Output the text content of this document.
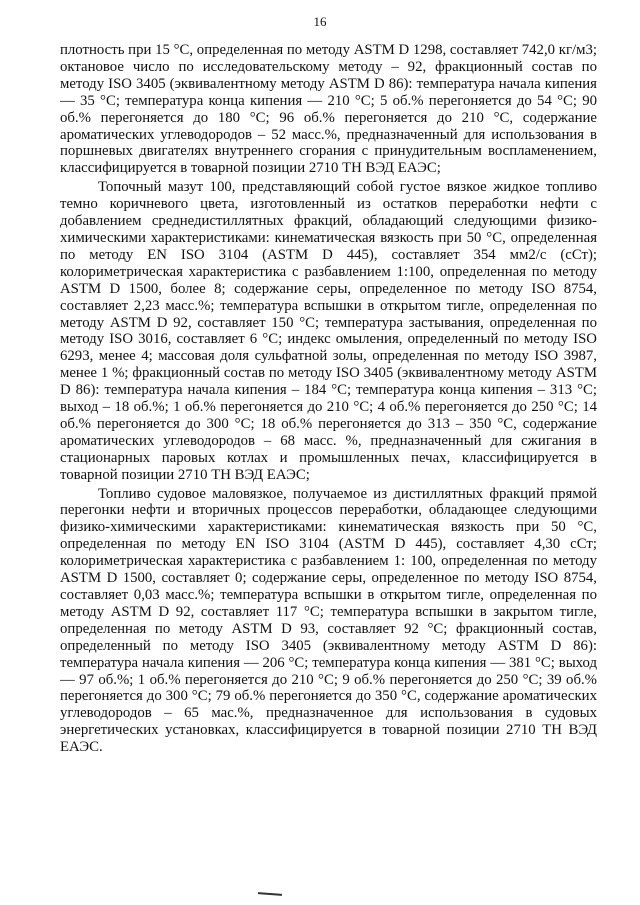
16

плотность при 15 °С, определенная по методу ASTM D 1298, составляет 742,0 кг/м3; октановое число по исследовательскому методу – 92, фракционный состав по методу ISO 3405 (эквивалентному методу ASTM D 86): температура начала кипения — 35 °С; температура конца кипения — 210 °С; 5 об.% перегоняется до 54 °С; 90 об.% перегоняется до 180 °С; 96 об.% перегоняется до 210 °С, содержание ароматических углеводородов – 52 масс.%, предназначенный для использования в поршневых двигателях внутреннего сгорания с принудительным воспламенением, классифицируется в товарной позиции 2710 ТН ВЭД ЕАЭС;

Топочный мазут 100, представляющий собой густое вязкое жидкое топливо темно коричневого цвета, изготовленный из остатков переработки нефти с добавлением среднедистиллятных фракций, обладающий следующими физико-химическими характеристиками: кинематическая вязкость при 50 °С, определенная по методу EN ISO 3104 (ASTM D 445), составляет 354 мм2/с (сСт); колориметрическая характеристика с разбавлением 1:100, определенная по методу ASTM D 1500, более 8; содержание серы, определенное по методу ISO 8754, составляет 2,23 масс.%; температура вспышки в открытом тигле, определенная по методу ASTM D 92, составляет 150 °С; температура застывания, определенная по методу ISO 3016, составляет 6 °С; индекс омыления, определенный по методу ISO 6293, менее 4; массовая доля сульфатной золы, определенная по методу ISO 3987, менее 1 %; фракционный состав по методу ISO 3405 (эквивалентному методу ASTM D 86): температура начала кипения – 184 °С; температура конца кипения – 313 °С; выход – 18 об.%; 1 об.% перегоняется до 210 °С; 4 об.% перегоняется до 250 °С; 14 об.% перегоняется до 300 °С; 18 об.% перегоняется до 313 – 350 °С, содержание ароматических углеводородов – 68 масс. %, предназначенный для сжигания в стационарных паровых котлах и промышленных печах, классифицируется в товарной позиции 2710 ТН ВЭД ЕАЭС;

Топливо судовое маловязкое, получаемое из дистиллятных фракций прямой перегонки нефти и вторичных процессов переработки, обладающее следующими физико-химическими характеристиками: кинематическая вязкость при 50 °С, определенная по методу EN ISO 3104 (ASTM D 445), составляет 4,30 сСт; колориметрическая характеристика с разбавлением 1: 100, определенная по методу ASTM D 1500, составляет 0; содержание серы, определенное по методу ISO 8754, составляет 0,03 масс.%; температура вспышки в открытом тигле, определенная по методу ASTM D 92, составляет 117 °С; температура вспышки в закрытом тигле, определенная по методу ASTM D 93, составляет 92 °С; фракционный состав, определенный по методу ISO 3405 (эквивалентному методу ASTM D 86): температура начала кипения — 206 °С; температура конца кипения — 381 °С; выход — 97 об.%; 1 об.% перегоняется до 210 °С; 9 об.% перегоняется до 250 °С; 39 об.% перегоняется до 300 °С; 79 об.% перегоняется до 350 °С, содержание ароматических углеводородов – 65 мас.%, предназначенное для использования в судовых энергетических установках, классифицируется в товарной позиции 2710 ТН ВЭД ЕАЭС.
